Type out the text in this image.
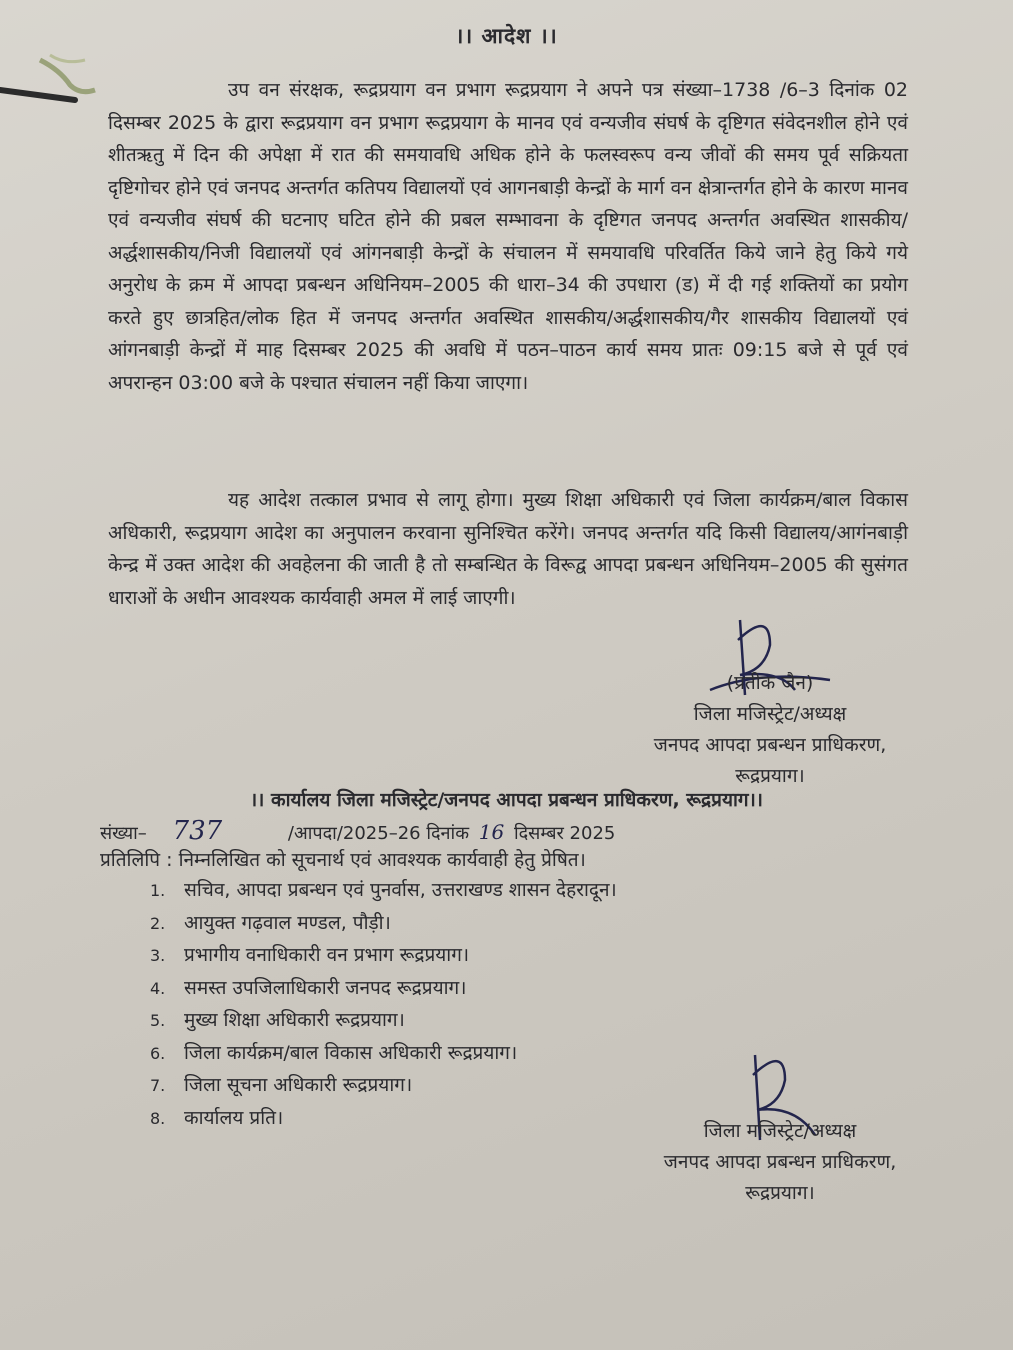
।। आदेश ।।
उप वन संरक्षक, रूद्रप्रयाग वन प्रभाग रूद्रप्रयाग ने अपने पत्र संख्या–1738 /6–3 दिनांक 02 दिसम्बर 2025 के द्वारा रूद्रप्रयाग वन प्रभाग रूद्रप्रयाग के मानव एवं वन्यजीव संघर्ष के दृष्टिगत संवेदनशील होने एवं शीतऋतु में दिन की अपेक्षा में रात की समयावधि अधिक होने के फलस्वरूप वन्य जीवों की समय पूर्व सक्रियता दृष्टिगोचर होने एवं जनपद अन्तर्गत कतिपय विद्यालयों एवं आगनबाड़ी केन्द्रों के मार्ग वन क्षेत्रान्तर्गत होने के कारण मानव एवं वन्यजीव संघर्ष की घटनाए घटित होने की प्रबल सम्भावना के दृष्टिगत जनपद अन्तर्गत अवस्थित शासकीय/अर्द्धशासकीय/निजी विद्यालयों एवं आंगनबाड़ी केन्द्रों के संचालन में समयावधि परिवर्तित किये जाने हेतु किये गये अनुरोध के क्रम में आपदा प्रबन्धन अधिनियम–2005 की धारा–34 की उपधारा (ड) में दी गई शक्तियों का प्रयोग करते हुए छात्रहित/लोक हित में जनपद अन्तर्गत अवस्थित शासकीय/अर्द्धशासकीय/गैर शासकीय विद्यालयों एवं आंगनबाड़ी केन्द्रों में माह दिसम्बर 2025 की अवधि में पठन–पाठन कार्य समय प्रातः 09:15 बजे से पूर्व एवं अपरान्हन 03:00 बजे के पश्चात संचालन नहीं किया जाएगा।
यह आदेश तत्काल प्रभाव से लागू होगा। मुख्य शिक्षा अधिकारी एवं जिला कार्यक्रम/बाल विकास अधिकारी, रूद्रप्रयाग आदेश का अनुपालन करवाना सुनिश्चित करेंगे। जनपद अन्तर्गत यदि किसी विद्यालय/आगंनबाड़ी केन्द्र में उक्त आदेश की अवहेलना की जाती है तो सम्बन्धित के विरूद्व आपदा प्रबन्धन अधिनियम–2005 की सुसंगत धाराओं के अधीन आवश्यक कार्यवाही अमल में लाई जाएगी।
(प्रतीक जैन)
जिला मजिस्ट्रेट/अध्यक्ष
जनपद आपदा प्रबन्धन प्राधिकरण,
रूद्रप्रयाग।
।। कार्यालय जिला मजिस्ट्रेट/जनपद आपदा प्रबन्धन प्राधिकरण, रूद्रप्रयाग।।
संख्या– 737	/आपदा/2025–26 दिनांक 16 दिसम्बर 2025
प्रतिलिपि : निम्नलिखित को सूचनार्थ एवं आवश्यक कार्यवाही हेतु प्रेषित।
1. सचिव, आपदा प्रबन्धन एवं पुनर्वास, उत्तराखण्ड शासन देहरादून।
2. आयुक्त गढ़वाल मण्डल, पौड़ी।
3. प्रभागीय वनाधिकारी वन प्रभाग रूद्रप्रयाग।
4. समस्त उपजिलाधिकारी जनपद रूद्रप्रयाग।
5. मुख्य शिक्षा अधिकारी रूद्रप्रयाग।
6. जिला कार्यक्रम/बाल विकास अधिकारी रूद्रप्रयाग।
7. जिला सूचना अधिकारी रूद्रप्रयाग।
8. कार्यालय प्रति।
जिला मजिस्ट्रेट/अध्यक्ष
जनपद आपदा प्रबन्धन प्राधिकरण,
रूद्रप्रयाग।
